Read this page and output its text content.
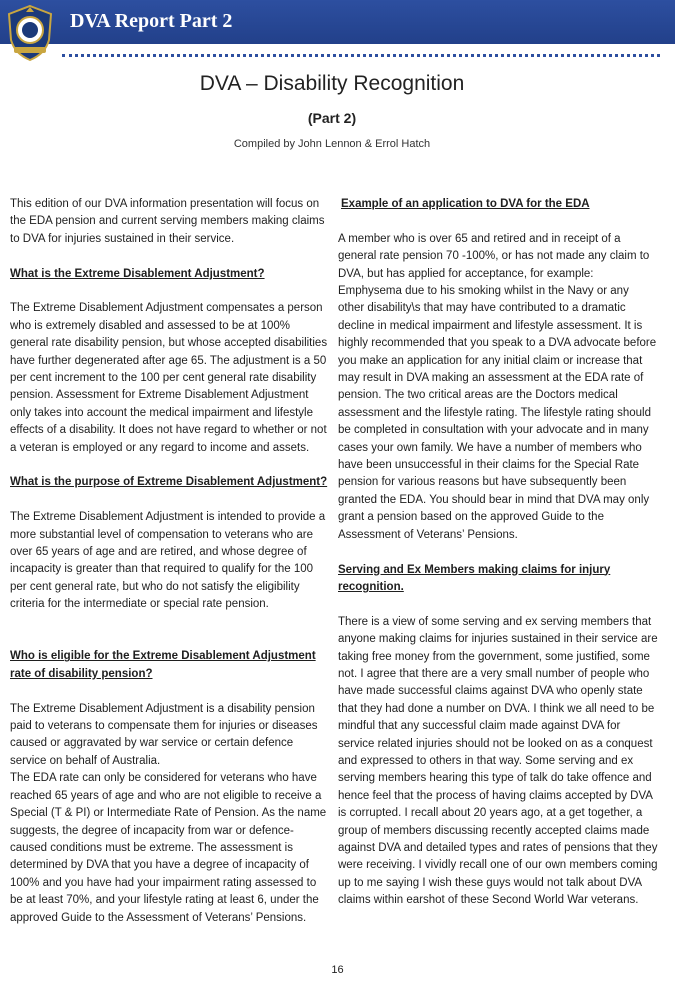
DVA Report Part 2
DVA – Disability Recognition
(Part 2)
Compiled by John Lennon & Errol Hatch

This edition of our DVA information presentation will focus on the EDA pension and current serving members making claims to DVA for injuries sustained in their service.

What is the Extreme Disablement Adjustment?

The Extreme Disablement Adjustment compensates a person who is extremely disabled and assessed to be at 100% general rate disability pension, but whose accepted disabilities have further degenerated after age 65. The adjustment is a 50 per cent increment to the 100 per cent general rate disability pension. Assessment for Extreme Disablement Adjustment only takes into account the medical impairment and lifestyle effects of a disability. It does not have regard to whether or not a veteran is employed or any regard to income and assets.

What is the purpose of Extreme Disablement Adjustment?

The Extreme Disablement Adjustment is intended to provide a more substantial level of compensation to veterans who are over 65 years of age and are retired, and whose degree of incapacity is greater than that required to qualify for the 100 per cent general rate, but who do not satisfy the eligibility criteria for the intermediate or special rate pension.

Who is eligible for the Extreme Disablement Adjustment rate of disability pension?

The Extreme Disablement Adjustment is a disability pension paid to veterans to compensate them for injuries or diseases caused or aggravated by war service or certain defence service on behalf of Australia.

The EDA rate can only be considered for veterans who have reached 65 years of age and who are not eligible to receive a Special (T & PI) or Intermediate Rate of Pension. As the name suggests, the degree of incapacity from war or defence-caused conditions must be extreme. The assessment is determined by DVA that you have a degree of incapacity of 100% and you have had your impairment rating assessed to be at least 70%, and your lifestyle rating at least 6, under the approved Guide to the Assessment of Veterans’ Pensions.

Example of an application to DVA for the EDA

A member who is over 65 and retired and in receipt of a general rate pension 70 -100%, or has not made any claim to DVA, but has applied for acceptance, for example: Emphysema due to his smoking whilst in the Navy or any other disability\s that may have contributed to a dramatic decline in medical impairment and lifestyle assessment. It is highly recommended that you speak to a DVA advocate before you make an application for any initial claim or increase that may result in DVA making an assessment at the EDA rate of pension. The two critical areas are the Doctors medical assessment and the lifestyle rating. The lifestyle rating should be completed in consultation with your advocate and in many cases your own family. We have a number of members who have been unsuccessful in their claims for the Special Rate pension for various reasons but have subsequently been granted the EDA. You should bear in mind that DVA may only grant a pension based on the approved Guide to the Assessment of Veterans’ Pensions.

Serving and Ex Members making claims for injury recognition.

There is a view of some serving and ex serving members that anyone making claims for injuries sustained in their service are taking free money from the government, some justified, some not. I agree that there are a very small number of people who have made successful claims against DVA who openly state that they had done a number on DVA. I think we all need to be mindful that any successful claim made against DVA for service related injuries should not be looked on as a conquest and expressed to others in that way. Some serving and ex serving members hearing this type of talk do take offence and hence feel that the process of having claims accepted by DVA is corrupted. I recall about 20 years ago, at a get together, a group of members discussing recently accepted claims made against DVA and detailed types and rates of pensions that they were receiving. I vividly recall one of our own members coming up to me saying I wish these guys would not talk about DVA claims within earshot of these Second World War veterans.

16
